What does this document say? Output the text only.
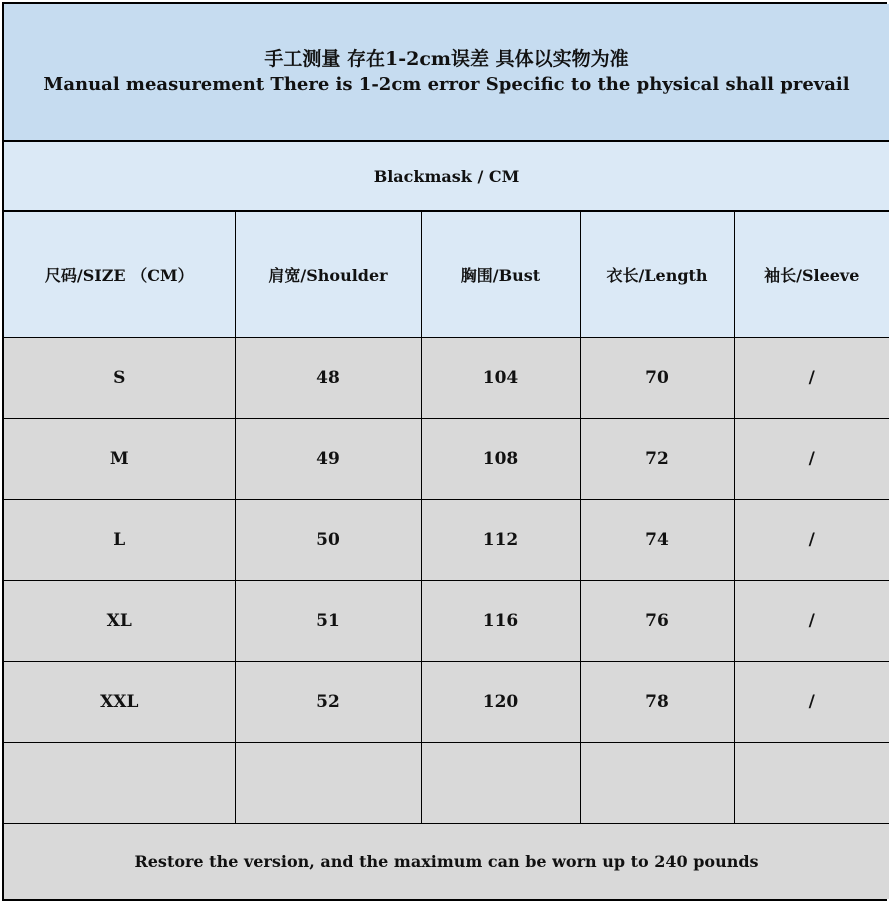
手工测量 存在1-2cm误差 具体以实物为准
Manual measurement There is 1-2cm error Specific to the physical shall prevail				

Blackmask / CM				
尺码/SIZE （CM）	肩宽/Shoulder	胸围/Bust	衣长/Length	袖长/Sleeve
S	48	104	70	/
M	49	108	72	/
L	50	112	74	/
XL	51	116	76	/
XXL	52	120	78	/

Restore the version, and the maximum can be worn up to 240 pounds				
